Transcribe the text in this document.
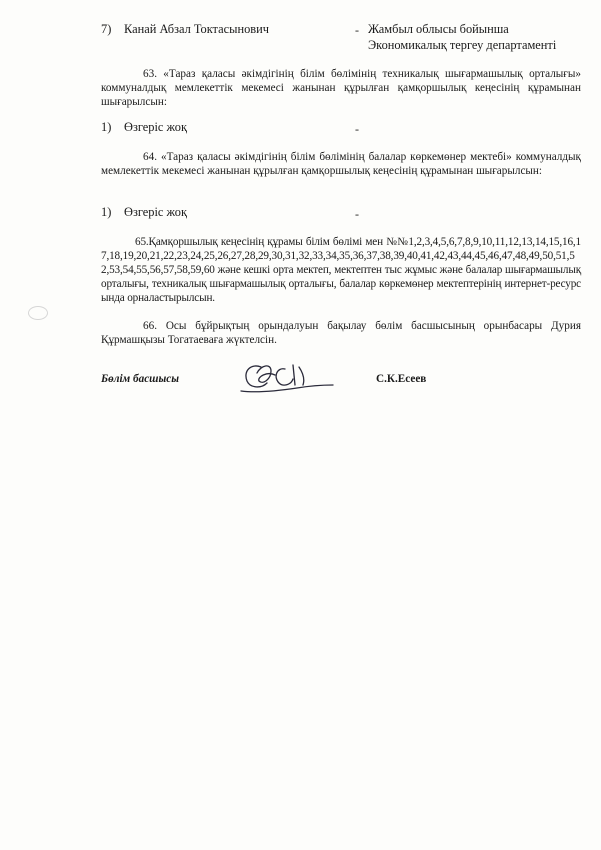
7) Канай Абзал Токтасынович	- Жамбыл облысы бойынша
Экономикалық тергеу департаменті
63. «Тараз қаласы әкімдігінің білім бөлімінің техникалық шығармашылық орталығы» коммуналдық мемлекеттік мекемесі жанынан құрылған қамқоршылық кеңесінің құрамынан шығарылсын:
1) Өзгеріс жоқ	-
64. «Тараз қаласы әкімдігінің білім бөлімінің балалар көркемөнер мектебі» коммуналдық мемлекеттік мекемесі жанынан құрылған қамқоршылық кеңесінің құрамынан шығарылсын:
1) Өзгеріс жоқ	-
65.Қамқоршылық кеңесінің құрамы білім бөлімі мен №№1,2,3,4,5,6,7,8,9,10,11,12,13,14,15,16,17,18,19,20,21,22,23,24,25,26,27,28,29,30,31,32,33,34,35,36,37,38,39,40,41,42,43,44,45,46,47,48,49,50,51,52,53,54,55,56,57,58,59,60 және кешкі орта мектеп, мектептен тыс жұмыс және балалар шығармашылық орталығы, техникалық шығармашылық орталығы, балалар көркемөнер мектептерінің интернет-ресурсында орналастырылсын.
66. Осы бұйрықтың орындалуын бақылау бөлім басшысының орынбасары Дурия Құрмашқызы Тогатаеваға жүктелсін.
Бөлім басшысы	С.К.Есеев
